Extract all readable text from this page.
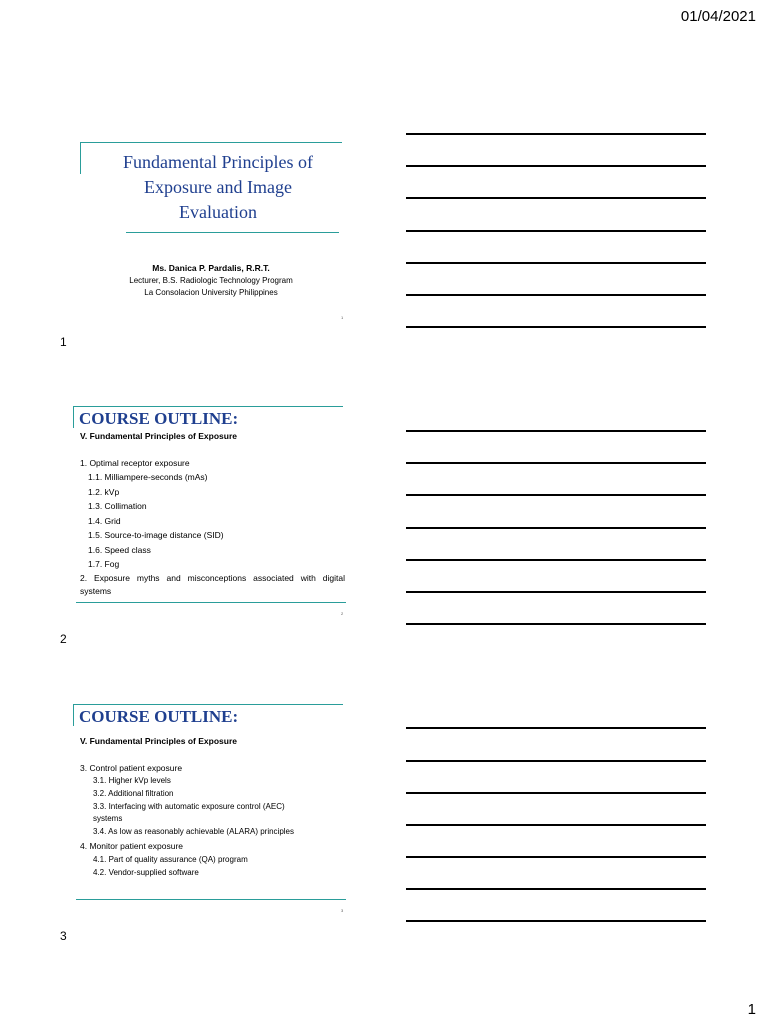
01/04/2021
1
Fundamental Principles of
Exposure and Image
Evaluation
Ms. Danica P. Pardalis, R.R.T.
Lecturer, B.S. Radiologic Technology Program
La Consolacion University Philippines
1
1
COURSE OUTLINE:
V. Fundamental Principles of Exposure
1. Optimal receptor exposure
1.1. Milliampere-seconds (mAs)
1.2. kVp
1.3. Collimation
1.4. Grid
1.5. Source-to-image distance (SID)
1.6. Speed class
1.7. Fog
2. Exposure myths and misconceptions associated with digital systems
2
2
COURSE OUTLINE:
V. Fundamental Principles of Exposure
3. Control patient exposure
3.1. Higher kVp levels
3.2. Additional filtration
3.3. Interfacing with automatic exposure control (AEC)
systems
3.4. As low as reasonably achievable (ALARA) principles
4. Monitor patient exposure
4.1. Part of quality assurance (QA) program
4.2. Vendor-supplied software
3
3
